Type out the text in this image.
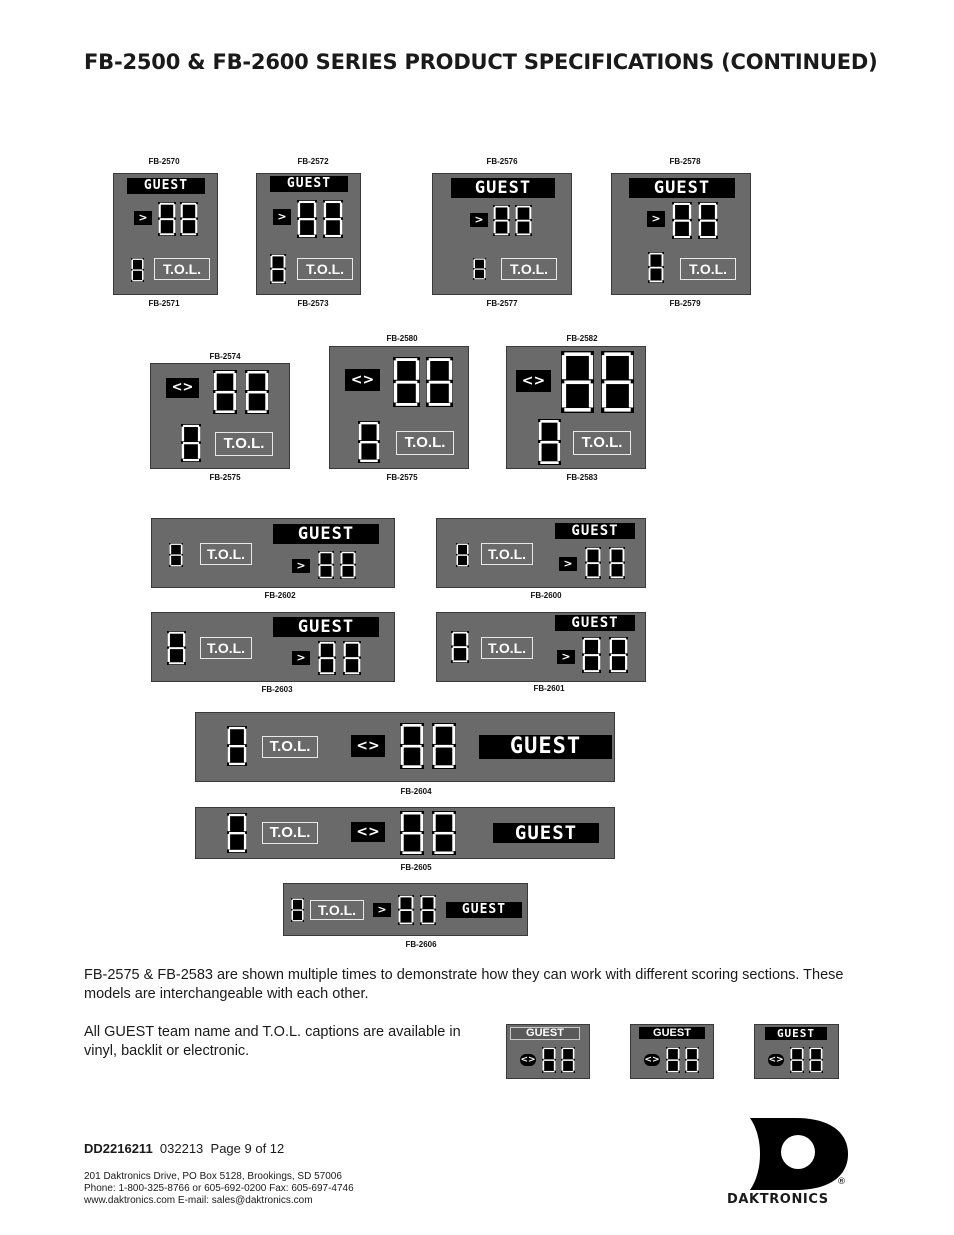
FB-2500 & FB-2600 SERIES PRODUCT SPECIFICATIONS (CONTINUED)
FB-2570
GUEST
>
T.O.L.
FB-2571
FB-2572
GUEST
>
T.O.L.
FB-2573
FB-2576
GUEST
>
T.O.L.
FB-2577
FB-2578
GUEST
>
T.O.L.
FB-2579
FB-2574
<>
T.O.L.
FB-2575
FB-2580
<>
T.O.L.
FB-2575
FB-2582
<>
T.O.L.
FB-2583
T.O.L.
GUEST
>
FB-2602
T.O.L.
GUEST
>
FB-2600
T.O.L.
GUEST
>
FB-2603
T.O.L.
GUEST
>
FB-2601
T.O.L.	<>	GUEST
FB-2604
T.O.L.	<>	GUEST
FB-2605
T.O.L.	>	GUEST
FB-2606
FB-2575 & FB-2583 are shown multiple times to demonstrate how they can work with different scoring sections. These models are interchangeable with each other.
All GUEST team name and T.O.L. captions are available in vinyl, backlit or electronic.
GUEST
<>
GUEST
<>
GUEST
<>
DD2216211 032213 Page 9 of 12
201 Daktronics Drive, PO Box 5128, Brookings, SD 57006
Phone: 1-800-325-8766 or 605-692-0200 Fax: 605-697-4746
www.daktronics.com E-mail: sales@daktronics.com
®
DAKTRONICS
